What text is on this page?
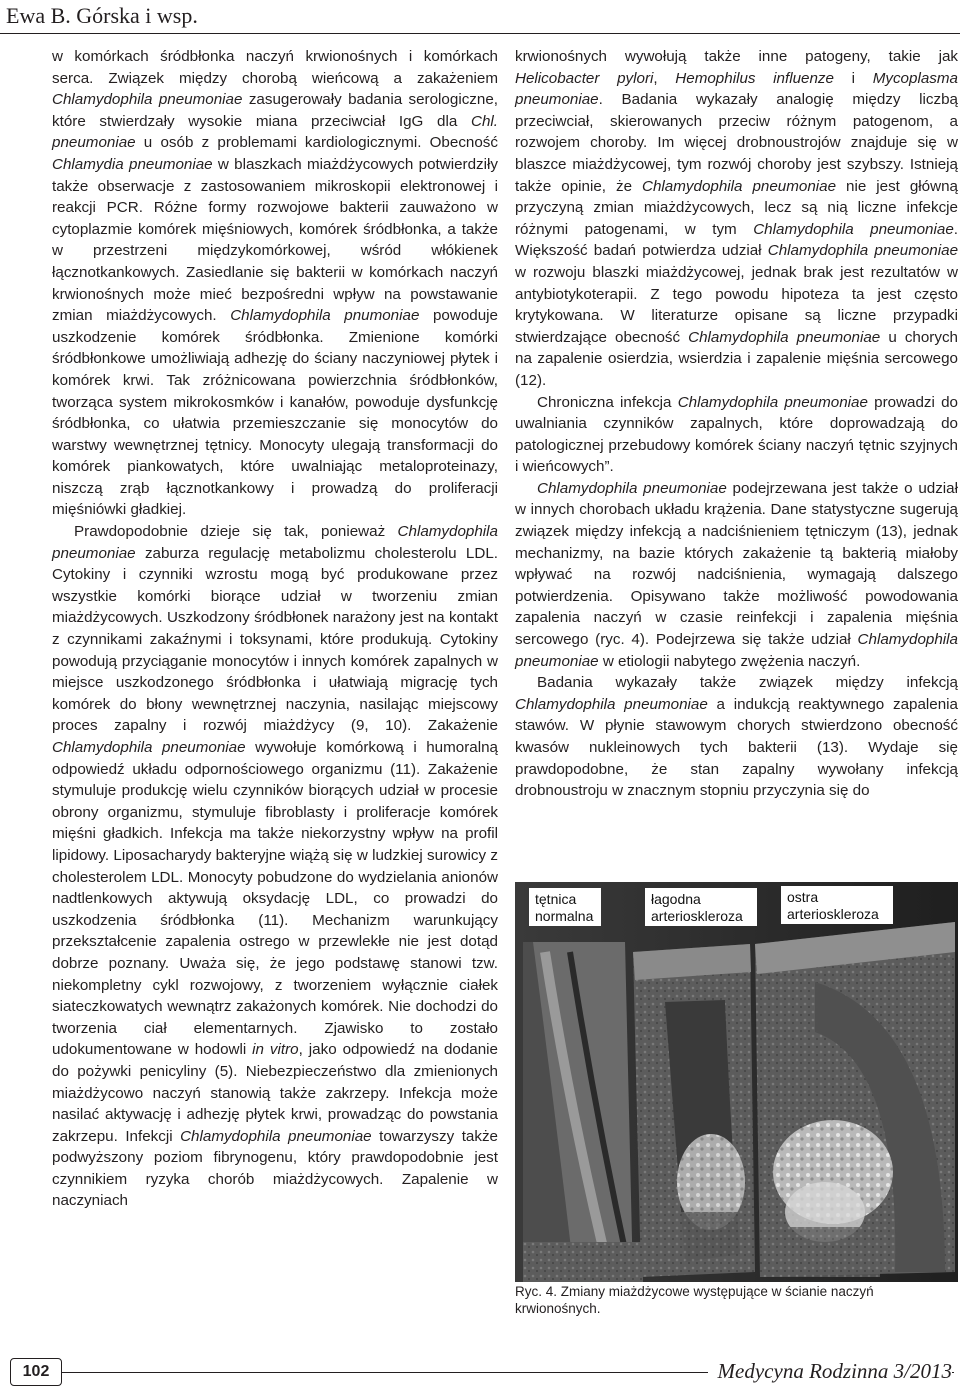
Ewa B. Górska i wsp.

w komórkach śródbłonka naczyń krwionośnych i komórkach serca. Związek między chorobą wieńcową a zakażeniem Chlamydophila pneumoniae zasugerowały badania serologiczne, które stwierdzały wysokie miana przeciwciał IgG dla Chl. pneumoniae u osób z problemami kardiologicznymi. Obecność Chlamydia pneumoniae w blaszkach miażdżycowych potwierdziły także obserwacje z zastosowaniem mikroskopii elektronowej i reakcji PCR. Różne formy rozwojowe bakterii zauważono w cytoplazmie komórek mięśniowych, komórek śródbłonka, a także w przestrzeni międzykomórkowej, wśród włókienek łącznotkankowych. Zasiedlanie się bakterii w komórkach naczyń krwionośnych może mieć bezpośredni wpływ na powstawanie zmian miażdżycowych. Chlamydophila pnumoniae powoduje uszkodzenie komórek śródbłonka. Zmienione komórki śródbłonkowe umożliwiają adhezję do ściany naczyniowej płytek i komórek krwi. Tak zróżnicowana powierzchnia śródbłonków, tworząca system mikrokosmków i kanałów, powoduje dysfunkcję śródbłonka, co ułatwia przemieszczanie się monocytów do warstwy wewnętrznej tętnicy. Monocyty ulegają transformacji do komórek piankowatych, które uwalniając metaloproteinazy, niszczą zrąb łącznotkankowy i prowadzą do proliferacji mięśniówki gładkiej.

Prawdopodobnie dzieje się tak, ponieważ Chlamydophila pneumoniae zaburza regulację metabolizmu cholesterolu LDL. Cytokiny i czynniki wzrostu mogą być produkowane przez wszystkie komórki biorące udział w tworzeniu zmian miażdżycowych. Uszkodzony śródbłonek narażony jest na kontakt z czynnikami zakaźnymi i toksynami, które produkują. Cytokiny powodują przyciąganie monocytów i innych komórek zapalnych w miejsce uszkodzonego śródbłonka i ułatwiają migrację tych komórek do błony wewnętrznej naczynia, nasilając miejscowy proces zapalny i rozwój miażdżycy (9, 10). Zakażenie Chlamydophila pneumoniae wywołuje komórkową i humoralną odpowiedź układu odpornościowego organizmu (11). Zakażenie stymuluje produkcję wielu czynników biorących udział w procesie obrony organizmu, stymuluje fibroblasty i proliferacje komórek mięśni gładkich. Infekcja ma także niekorzystny wpływ na profil lipidowy. Liposacharydy bakteryjne wiążą się w ludzkiej surowicy z cholesterolem LDL. Monocyty pobudzone do wydzielania anionów nadtlenkowych aktywują oksydację LDL, co prowadzi do uszkodzenia śródbłonka (11). Mechanizm warunkujący przekształcenie zapalenia ostrego w przewlekłe nie jest dotąd dobrze poznany. Uważa się, że jego podstawę stanowi tzw. niekompletny cykl rozwojowy, z tworzeniem wyłącznie ciałek siateczkowatych wewnątrz zakażonych komórek. Nie dochodzi do tworzenia ciał elementarnych. Zjawisko to zostało udokumentowane w hodowli in vitro, jako odpowiedź na dodanie do pożywki penicyliny (5). Niebezpieczeństwo dla zmienionych miażdżycowo naczyń stanowią także zakrzepy. Infekcja może nasilać aktywację i adhezję płytek krwi, prowadząc do powstania zakrzepu. Infekcji Chlamydophila pneumoniae towarzyszy także podwyższony poziom fibrynogenu, który prawdopodobnie jest czynnikiem ryzyka chorób miażdżycowych. Zapalenie w naczyniach

krwionośnych wywołują także inne patogeny, takie jak Helicobacter pylori, Hemophilus influenze i Mycoplasma pneumoniae. Badania wykazały analogię między liczbą przeciwciał, skierowanych przeciw różnym patogenom, a rozwojem choroby. Im więcej drobnoustrojów znajduje się w blaszce miażdżycowej, tym rozwój choroby jest szybszy. Istnieją także opinie, że Chlamydophila pneumoniae nie jest główną przyczyną zmian miażdżycowych, lecz są nią liczne infekcje różnymi patogenami, w tym Chlamydophila pneumoniae. Większość badań potwierdza udział Chlamydophila pneumoniae w rozwoju blaszki miażdżycowej, jednak brak jest rezultatów w antybiotykoterapii. Z tego powodu hipoteza ta jest często krytykowana. W literaturze opisane są liczne przypadki stwierdzające obecność Chlamydophila pneumoniae u chorych na zapalenie osierdzia, wsierdzia i zapalenie mięśnia sercowego (12).

Chroniczna infekcja Chlamydophila pneumoniae prowadzi do uwalniania czynników zapalnych, które doprowadzają do patologicznej przebudowy komórek ściany naczyń tętnic szyjnych i wieńcowych”.

Chlamydophila pneumoniae podejrzewana jest także o udział w innych chorobach układu krążenia. Dane statystyczne sugerują związek między infekcją a nadciśnieniem tętniczym (13), jednak mechanizmy, na bazie których zakażenie tą bakterią miałoby wpływać na rozwój nadciśnienia, wymagają dalszego potwierdzenia. Opisywano także możliwość powodowania zapalenia naczyń w czasie reinfekcji i zapalenia mięśnia sercowego (ryc. 4). Podejrzewa się także udział Chlamydophila pneumoniae w etiologii nabytego zwężenia naczyń.

Badania wykazały także związek między infekcją Chlamydophila pneumoniae a indukcją reaktywnego zapalenia stawów. W płynie stawowym chorych stwierdzono obecność kwasów nukleinowych tych bakterii (13). Wydaje się prawdopodobne, że stan zapalny wywołany infekcją drobnoustroju w znacznym stopniu przyczynia się do

tętnica
normalna
łagodna
arterioskleroza
ostra
arterioskleroza
Ryc. 4. Zmiany miażdżycowe występujące w ścianie naczyń krwionośnych.
102	Medycyna Rodzinna 3/2013
